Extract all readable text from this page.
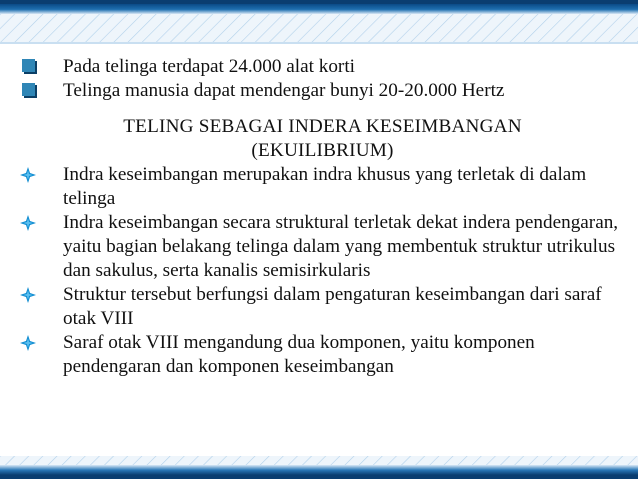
Pada telinga terdapat 24.000 alat korti
Telinga manusia dapat mendengar bunyi 20-20.000 Hertz
TELING SEBAGAI INDERA KESEIMBANGAN
(EKUILIBRIUM)
Indra keseimbangan merupakan indra khusus yang terletak di dalam telinga
Indra keseimbangan secara struktural terletak dekat indera pendengaran, yaitu bagian belakang telinga dalam yang membentuk struktur utrikulus dan sakulus, serta kanalis semisirkularis
Struktur tersebut berfungsi dalam pengaturan keseimbangan dari saraf otak VIII
Saraf otak VIII mengandung dua komponen, yaitu komponen pendengaran dan komponen keseimbangan
